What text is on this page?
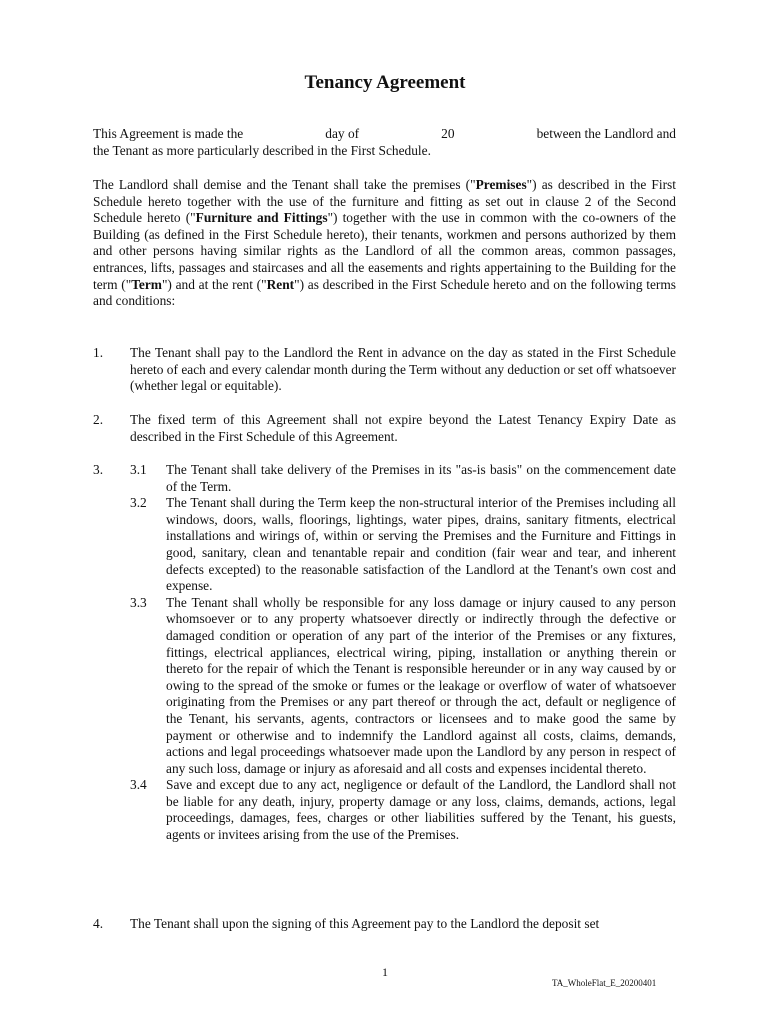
Tenancy Agreement
This Agreement is made the	day of	20	between the Landlord and
the Tenant as more particularly described in the First Schedule.
The Landlord shall demise and the Tenant shall take the premises ("Premises") as described in the First Schedule hereto together with the use of the furniture and fitting as set out in clause 2 of the Second Schedule hereto ("Furniture and Fittings") together with the use in common with the co-owners of the Building (as defined in the First Schedule hereto), their tenants, workmen and persons authorized by them and other persons having similar rights as the Landlord of all the common areas, common passages, entrances, lifts, passages and staircases and all the easements and rights appertaining to the Building for the term ("Term") and at the rent ("Rent") as described in the First Schedule hereto and on the following terms and conditions:
1. The Tenant shall pay to the Landlord the Rent in advance on the day as stated in the First Schedule hereto of each and every calendar month during the Term without any deduction or set off whatsoever (whether legal or equitable).
2. The fixed term of this Agreement shall not expire beyond the Latest Tenancy Expiry Date as described in the First Schedule of this Agreement.
3. 3.1 The Tenant shall take delivery of the Premises in its "as-is basis" on the commencement date of the Term.
3.2 The Tenant shall during the Term keep the non-structural interior of the Premises including all windows, doors, walls, floorings, lightings, water pipes, drains, sanitary fitments, electrical installations and wirings of, within or serving the Premises and the Furniture and Fittings in good, sanitary, clean and tenantable repair and condition (fair wear and tear, and inherent defects excepted) to the reasonable satisfaction of the Landlord at the Tenant's own cost and expense.
3.3 The Tenant shall wholly be responsible for any loss damage or injury caused to any person whomsoever or to any property whatsoever directly or indirectly through the defective or damaged condition or operation of any part of the interior of the Premises or any fixtures, fittings, electrical appliances, electrical wiring, piping, installation or anything therein or thereto for the repair of which the Tenant is responsible hereunder or in any way caused by or owing to the spread of the smoke or fumes or the leakage or overflow of water of whatsoever originating from the Premises or any part thereof or through the act, default or negligence of the Tenant, his servants, agents, contractors or licensees and to make good the same by payment or otherwise and to indemnify the Landlord against all costs, claims, demands, actions and legal proceedings whatsoever made upon the Landlord by any person in respect of any such loss, damage or injury as aforesaid and all costs and expenses incidental thereto.
3.4 Save and except due to any act, negligence or default of the Landlord, the Landlord shall not be liable for any death, injury, property damage or any loss, claims, demands, actions, legal proceedings, damages, fees, charges or other liabilities suffered by the Tenant, his guests, agents or invitees arising from the use of the Premises.
4. The Tenant shall upon the signing of this Agreement pay to the Landlord the deposit set
1
TA_WholeFlat_E_20200401
